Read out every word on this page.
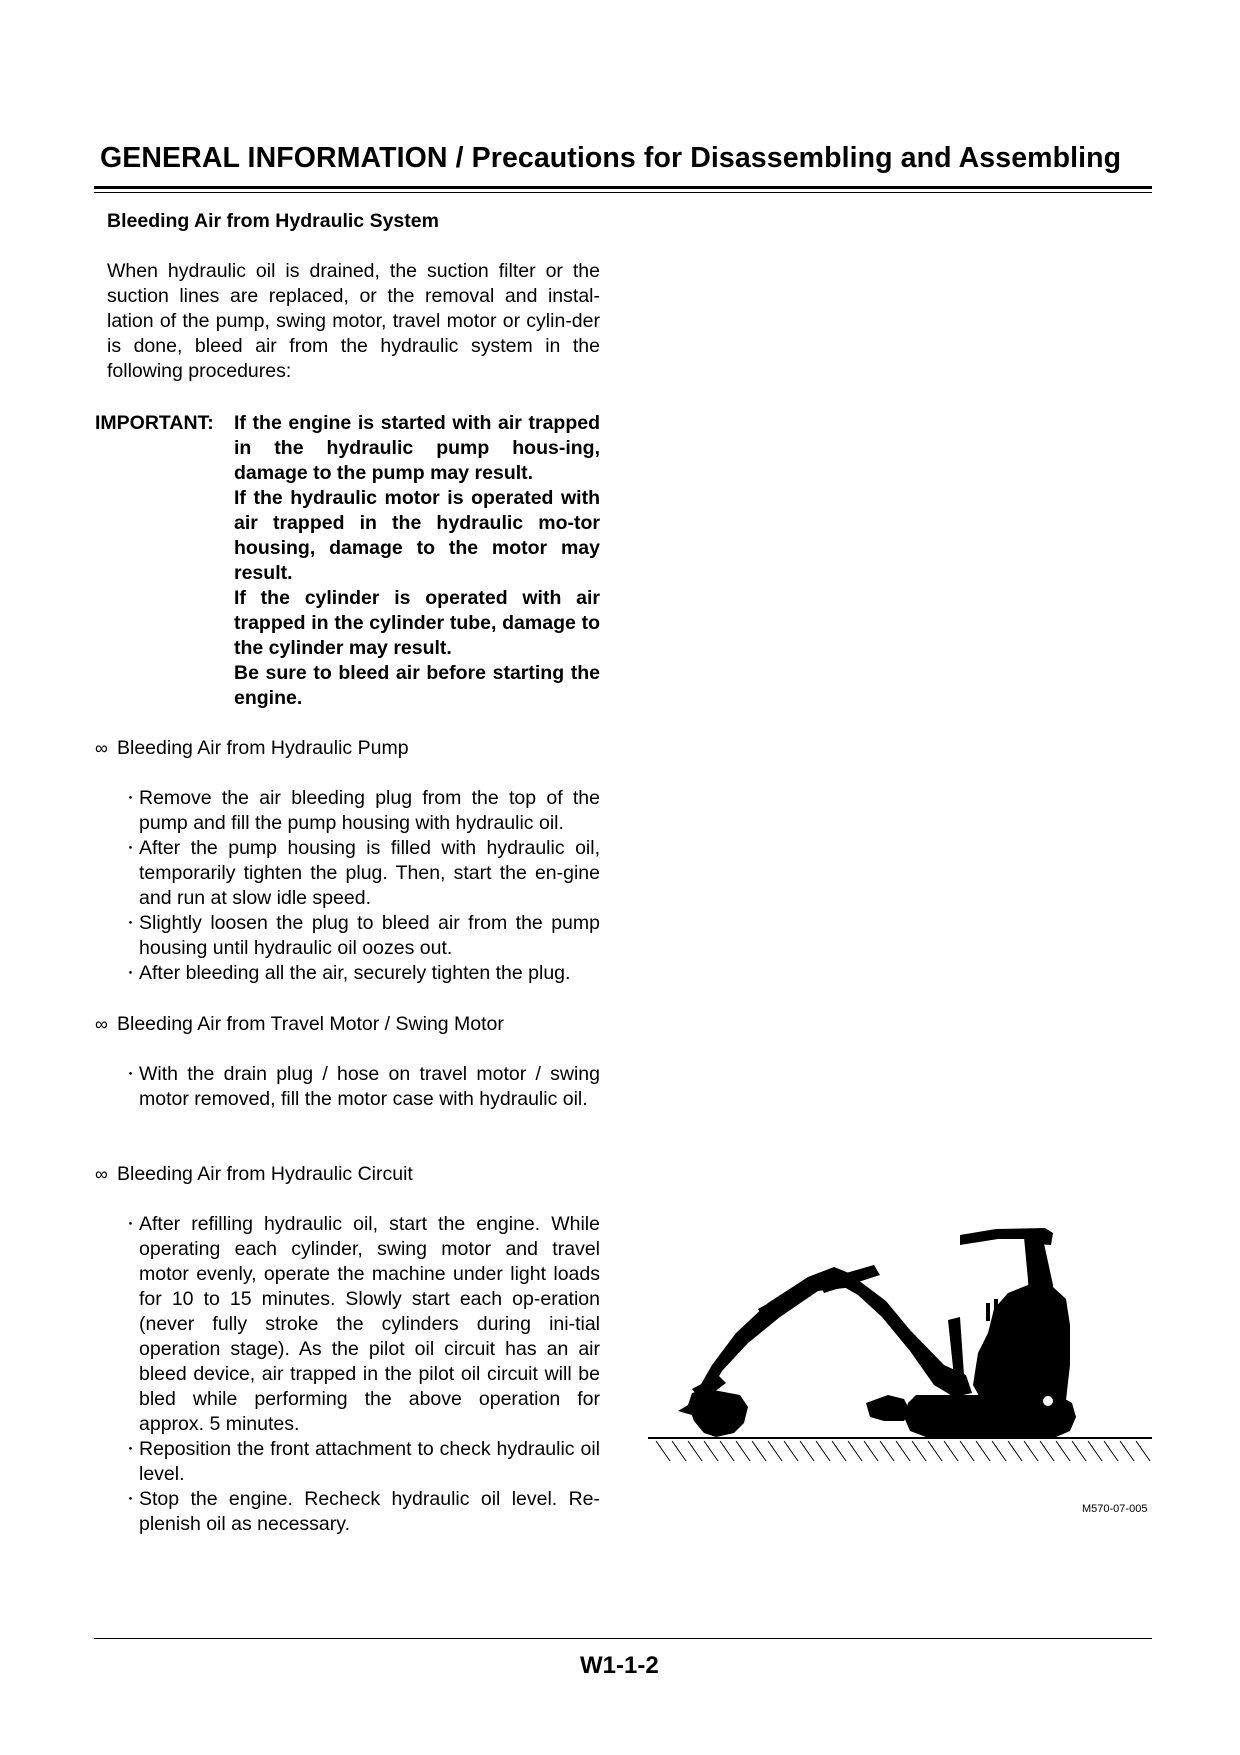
GENERAL INFORMATION / Precautions for Disassembling and Assembling
Bleeding Air from Hydraulic System
When hydraulic oil is drained, the suction filter or the suction lines are replaced, or the removal and instal-lation of the pump, swing motor, travel motor or cylin-der is done, bleed air from the hydraulic system in the following procedures:
IMPORTANT: If the engine is started with air trapped in the hydraulic pump hous-ing, damage to the pump may result.

If the hydraulic motor is operated with air trapped in the hydraulic mo-tor housing, damage to the motor may result.

If the cylinder is operated with air trapped in the cylinder tube, damage to the cylinder may result.

Be sure to bleed air before starting the engine.

∞ Bleeding Air from Hydraulic Pump
・ Remove the air bleeding plug from the top of the pump and fill the pump housing with hydraulic oil.
・ After the pump housing is filled with hydraulic oil, temporarily tighten the plug. Then, start the en-gine and run at slow idle speed.
・ Slightly loosen the plug to bleed air from the pump housing until hydraulic oil oozes out.
・ After bleeding all the air, securely tighten the plug.
∞ Bleeding Air from Travel Motor / Swing Motor
・ With the drain plug / hose on travel motor / swing motor removed, fill the motor case with hydraulic oil.
∞ Bleeding Air from Hydraulic Circuit
・ After refilling hydraulic oil, start the engine. While operating each cylinder, swing motor and travel motor evenly, operate the machine under light loads for 10 to 15 minutes. Slowly start each op-eration (never fully stroke the cylinders during ini-tial operation stage). As the pilot oil circuit has an air bleed device, air trapped in the pilot oil circuit will be bled while performing the above operation for approx. 5 minutes.
・ Reposition the front attachment to check hydraulic oil level.
・ Stop the engine. Recheck hydraulic oil level. Re-plenish oil as necessary.
M570-07-005
W1-1-2
